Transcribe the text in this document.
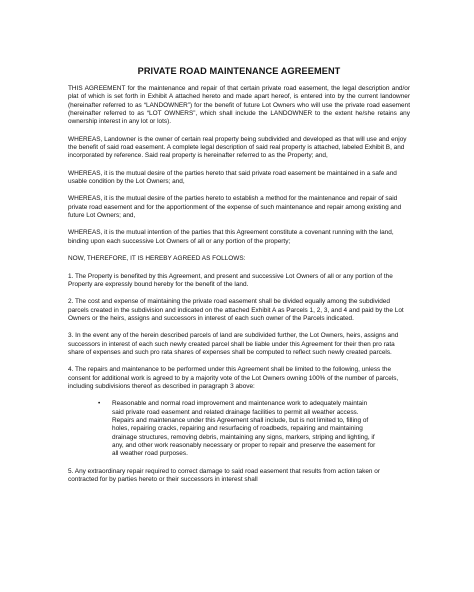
PRIVATE ROAD MAINTENANCE AGREEMENT

THIS AGREEMENT for the maintenance and repair of that certain private road easement, the legal description and/or plat of which is set forth in Exhibit A attached hereto and made apart hereof, is entered into by the current landowner (hereinafter referred to as “LANDOWNER”) for the benefit of future Lot Owners who will use the private road easement (hereinafter referred to as “LOT OWNERS”, which shall include the LANDOWNER to the extent he/she retains any ownership interest in any lot or lots).

WHEREAS, Landowner is the owner of certain real property being subdivided and developed as that will use and enjoy the benefit of said road easement. A complete legal description of said real property is attached, labeled Exhibit B, and incorporated by reference. Said real property is hereinafter referred to as the Property; and,

WHEREAS, it is the mutual desire of the parties hereto that said private road easement be maintained in a safe and usable condition by the Lot Owners; and,

WHEREAS, it is the mutual desire of the parties hereto to establish a method for the maintenance and repair of said private road easement and for the apportionment of the expense of such maintenance and repair among existing and future Lot Owners; and,

WHEREAS, it is the mutual intention of the parties that this Agreement constitute a covenant running with the land, binding upon each successive Lot Owners of all or any portion of the property;

NOW, THEREFORE, IT IS HEREBY AGREED AS FOLLOWS:

1. The Property is benefited by this Agreement, and present and successive Lot Owners of all or any portion of the Property are expressly bound hereby for the benefit of the land.

2. The cost and expense of maintaining the private road easement shall be divided equally among the subdivided parcels created in the subdivision and indicated on the attached Exhibit A as Parcels 1, 2, 3, and 4 and paid by the Lot Owners or the heirs, assigns and successors in interest of each such owner of the Parcels indicated.

3. In the event any of the herein described parcels of land are subdivided further, the Lot Owners, heirs, assigns and successors in interest of each such newly created parcel shall be liable under this Agreement for their then pro rata share of expenses and such pro rata shares of expenses shall be computed to reflect such newly created parcels.

4. The repairs and maintenance to be performed under this Agreement shall be limited to the following, unless the consent for additional work is agreed to by a majority vote of the Lot Owners owning 100% of the number of parcels, including subdivisions thereof as described in paragraph 3 above:

•	Reasonable and normal road improvement and maintenance work to adequately maintain said private road easement and related drainage facilities to permit all weather access. Repairs and maintenance under this Agreement shall include, but is not limited to, filling of holes, repairing cracks, repairing and resurfacing of roadbeds, repairing and maintaining drainage structures, removing debris, maintaining any signs, markers, striping and lighting, if any, and other work reasonably necessary or proper to repair and preserve the easement for all weather road purposes.

5. Any extraordinary repair required to correct damage to said road easement that results from action taken or contracted for by parties hereto or their successors in interest shall
